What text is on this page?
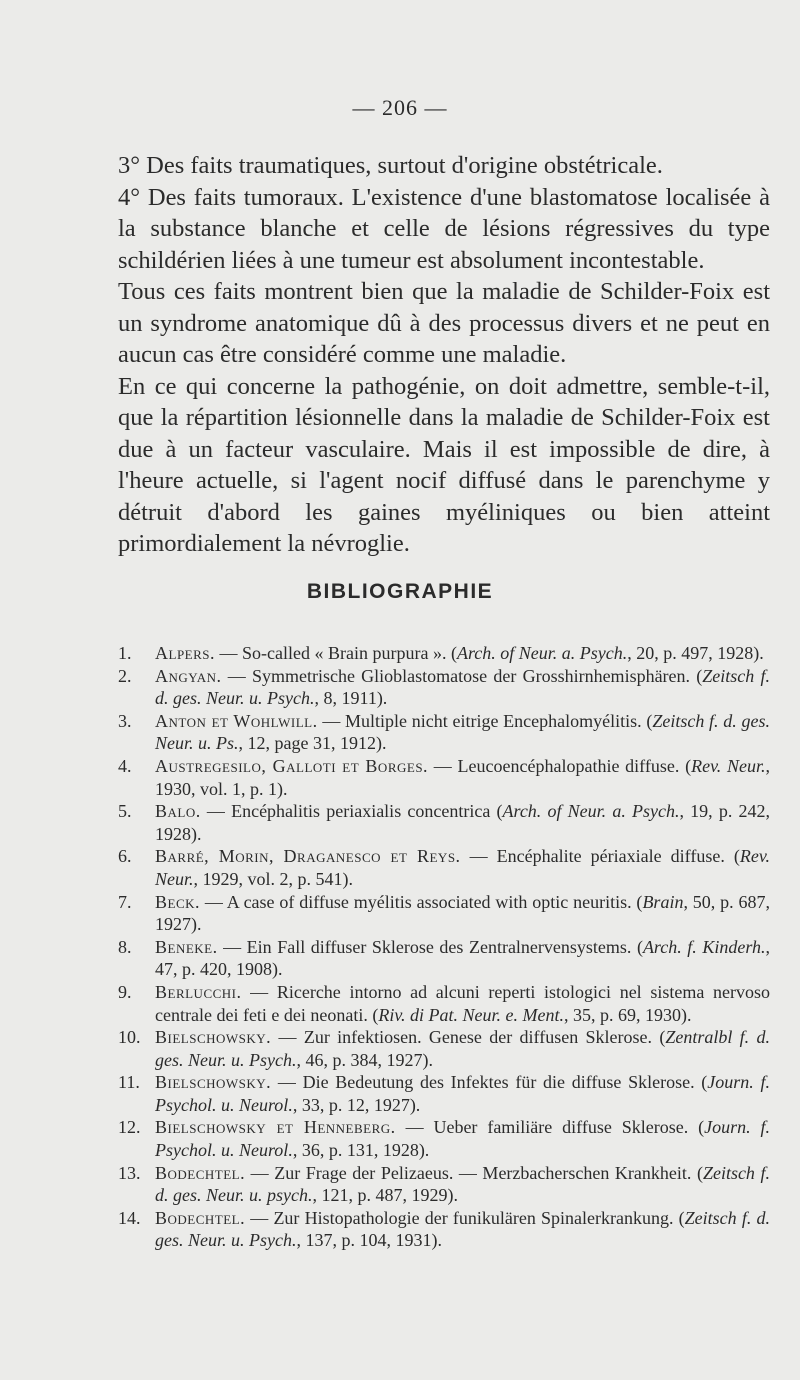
— 206 —

3° Des faits traumatiques, surtout d'origine obstétricale.

4° Des faits tumoraux. L'existence d'une blastomatose localisée à la substance blanche et celle de lésions régressives du type schildérien liées à une tumeur est absolument incontestable.

Tous ces faits montrent bien que la maladie de Schilder-Foix est un syndrome anatomique dû à des processus divers et ne peut en aucun cas être considéré comme une maladie.

En ce qui concerne la pathogénie, on doit admettre, semble-t-il, que la répartition lésionnelle dans la maladie de Schilder-Foix est due à un facteur vasculaire. Mais il est impossible de dire, à l'heure actuelle, si l'agent nocif diffusé dans le parenchyme y détruit d'abord les gaines myéliniques ou bien atteint primordialement la névroglie.

BIBLIOGRAPHIE
1. Alpers. — So-called « Brain purpura ». (Arch. of Neur. a. Psych., 20, p. 497, 1928).
2. Angyan. — Symmetrische Glioblastomatose der Grosshirnhemisphären. (Zeitsch f. d. ges. Neur. u. Psych., 8, 1911).
3. Anton et Wohlwill. — Multiple nicht eitrige Encephalomyélitis. (Zeitsch f. d. ges. Neur. u. Ps., 12, page 31, 1912).
4. Austregesilo, Galloti et Borges. — Leucoencéphalopathie diffuse. (Rev. Neur., 1930, vol. 1, p. 1).
5. Balo. — Encéphalitis periaxialis concentrica (Arch. of Neur. a. Psych., 19, p. 242, 1928).
6. Barré, Morin, Draganesco et Reys. — Encéphalite périaxiale diffuse. (Rev. Neur., 1929, vol. 2, p. 541).
7. Beck. — A case of diffuse myélitis associated with optic neuritis. (Brain, 50, p. 687, 1927).
8. Beneke. — Ein Fall diffuser Sklerose des Zentralnervensystems. (Arch. f. Kinderh., 47, p. 420, 1908).
9. Berlucchi. — Ricerche intorno ad alcuni reperti istologici nel sistema nervoso centrale dei feti e dei neonati. (Riv. di Pat. Neur. e. Ment., 35, p. 69, 1930).
10. Bielschowsky. — Zur infektiosen. Genese der diffusen Sklerose. (Zentralbl f. d. ges. Neur. u. Psych., 46, p. 384, 1927).
11. Bielschowsky. — Die Bedeutung des Infektes für die diffuse Sklerose. (Journ. f. Psychol. u. Neurol., 33, p. 12, 1927).
12. Bielschowsky et Henneberg. — Ueber familiäre diffuse Sklerose. (Journ. f. Psychol. u. Neurol., 36, p. 131, 1928).
13. Bodechtel. — Zur Frage der Pelizaeus. — Merzbacherschen Krankheit. (Zeitsch f. d. ges. Neur. u. psych., 121, p. 487, 1929).
14. Bodechtel. — Zur Histopathologie der funikulären Spinalerkrankung. (Zeitsch f. d. ges. Neur. u. Psych., 137, p. 104, 1931).
